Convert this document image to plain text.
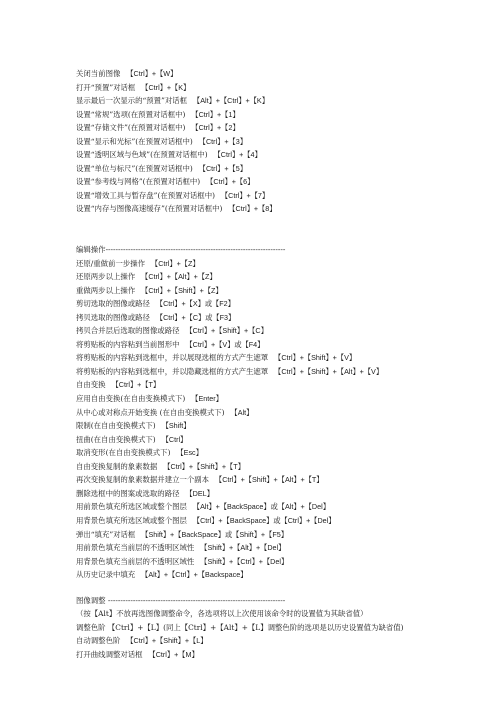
关闭当前图像 【Ctrl】+【W】
打开“预置”对话框 【Ctrl】+【K】
显示最后一次显示的“预置”对话框 【Alt】+【Ctrl】+【K】
设置“常规”选项(在预置对话框中) 【Ctrl】+【1】
设置“存储文件”(在预置对话框中) 【Ctrl】+【2】
设置“显示和光标”(在预置对话框中) 【Ctrl】+【3】
设置“透明区域与色域”(在预置对话框中) 【Ctrl】+【4】
设置“单位与标尺”(在预置对话框中) 【Ctrl】+【5】
设置“参考线与网格”(在预置对话框中) 【Ctrl】+【6】
设置“增效工具与暂存盘”(在预置对话框中) 【Ctrl】+【7】
设置“内存与图像高速缓存”(在预置对话框中) 【Ctrl】+【8】
编辑操作------------------------------------------------------------------------
还原/重做前一步操作 【Ctrl】+【Z】
还原两步以上操作 【Ctrl】+【Alt】+【Z】
重做两步以上操作 【Ctrl】+【Shift】+【Z】
剪切选取的图像或路径 【Ctrl】+【X】或【F2】
拷贝选取的图像或路径 【Ctrl】+【C】或【F3】
拷贝合并层后选取的图像或路径 【Ctrl】+【Shift】+【C】
将剪贴板的内容粘到当前图形中 【Ctrl】+【V】或【F4】
将剪贴板的内容粘到选框中，并以展现选框的方式产生遮罩 【Ctrl】+【Shift】+【V】
将剪贴板的内容粘到选框中，并以隐藏选框的方式产生遮罩 【Ctrl】+【Shift】+【Alt】+【V】
自由变换 【Ctrl】+【T】
应用自由变换(在自由变换模式下) 【Enter】
从中心或对称点开始变换 (在自由变换模式下) 【Alt】
限制(在自由变换模式下) 【Shift】
扭曲(在自由变换模式下) 【Ctrl】
取消变形(在自由变换模式下) 【Esc】
自由变换复制的象素数据 【Ctrl】+【Shift】+【T】
再次变换复制的象素数据并建立一个副本 【Ctrl】+【Shift】+【Alt】+【T】
删除选框中的图案或选取的路径 【DEL】
用前景色填充所选区域或整个图层 【Alt】+【BackSpace】或【Alt】+【Del】
用背景色填充所选区域或整个图层 【Ctrl】+【BackSpace】或【Ctrl】+【Del】
弹出“填充”对话框 【Shift】+【BackSpace】或【Shift】+【F5】
用前景色填充当前层的不透明区域性 【Shift】+【Alt】+【Del】
用背景色填充当前层的不透明区域性 【Shift】+【Ctrl】+【Del】
从历史记录中填充 【Alt】+【Ctrl】+【Backspace】
图像调整 -----------------------------------------------------------------------
（按【Alt】不放再选图像调整命令，各选项将以上次使用该命令时的设置值为其缺省值）
调整色阶 【Ctrl】+【L】(同上【Ctrl】+【Alt】+【L】调整色阶的选项是以历史设置值为缺省值)
自动调整色阶 【Ctrl】+【Shift】+【L】
打开曲线调整对话框 【Ctrl】+【M】
